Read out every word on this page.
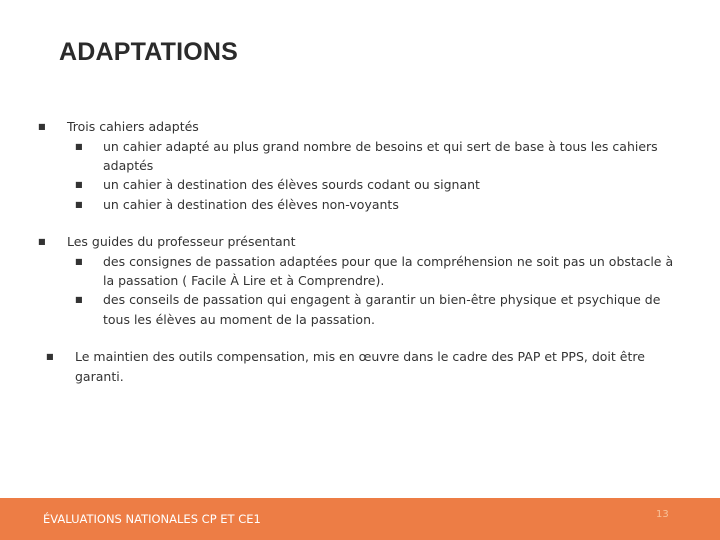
ADAPTATIONS
■
Trois cahiers adaptés
■
un cahier adapté au plus grand nombre de besoins et qui sert de base à tous les cahiers
adaptés
■
un cahier à destination des élèves sourds codant ou signant
■
un cahier à destination des élèves non-voyants
■
Les guides du professeur présentant
■
des consignes de passation adaptées pour que la compréhension ne soit pas un obstacle à
la passation ( Facile À Lire et à Comprendre).
■
des conseils de passation qui engagent à garantir un bien-être physique et psychique de
tous les élèves au moment de la passation.
■
Le maintien des outils compensation, mis en œuvre dans le cadre des PAP et PPS, doit être
garanti.
ÉVALUATIONS NATIONALES CP ET CE1	13
